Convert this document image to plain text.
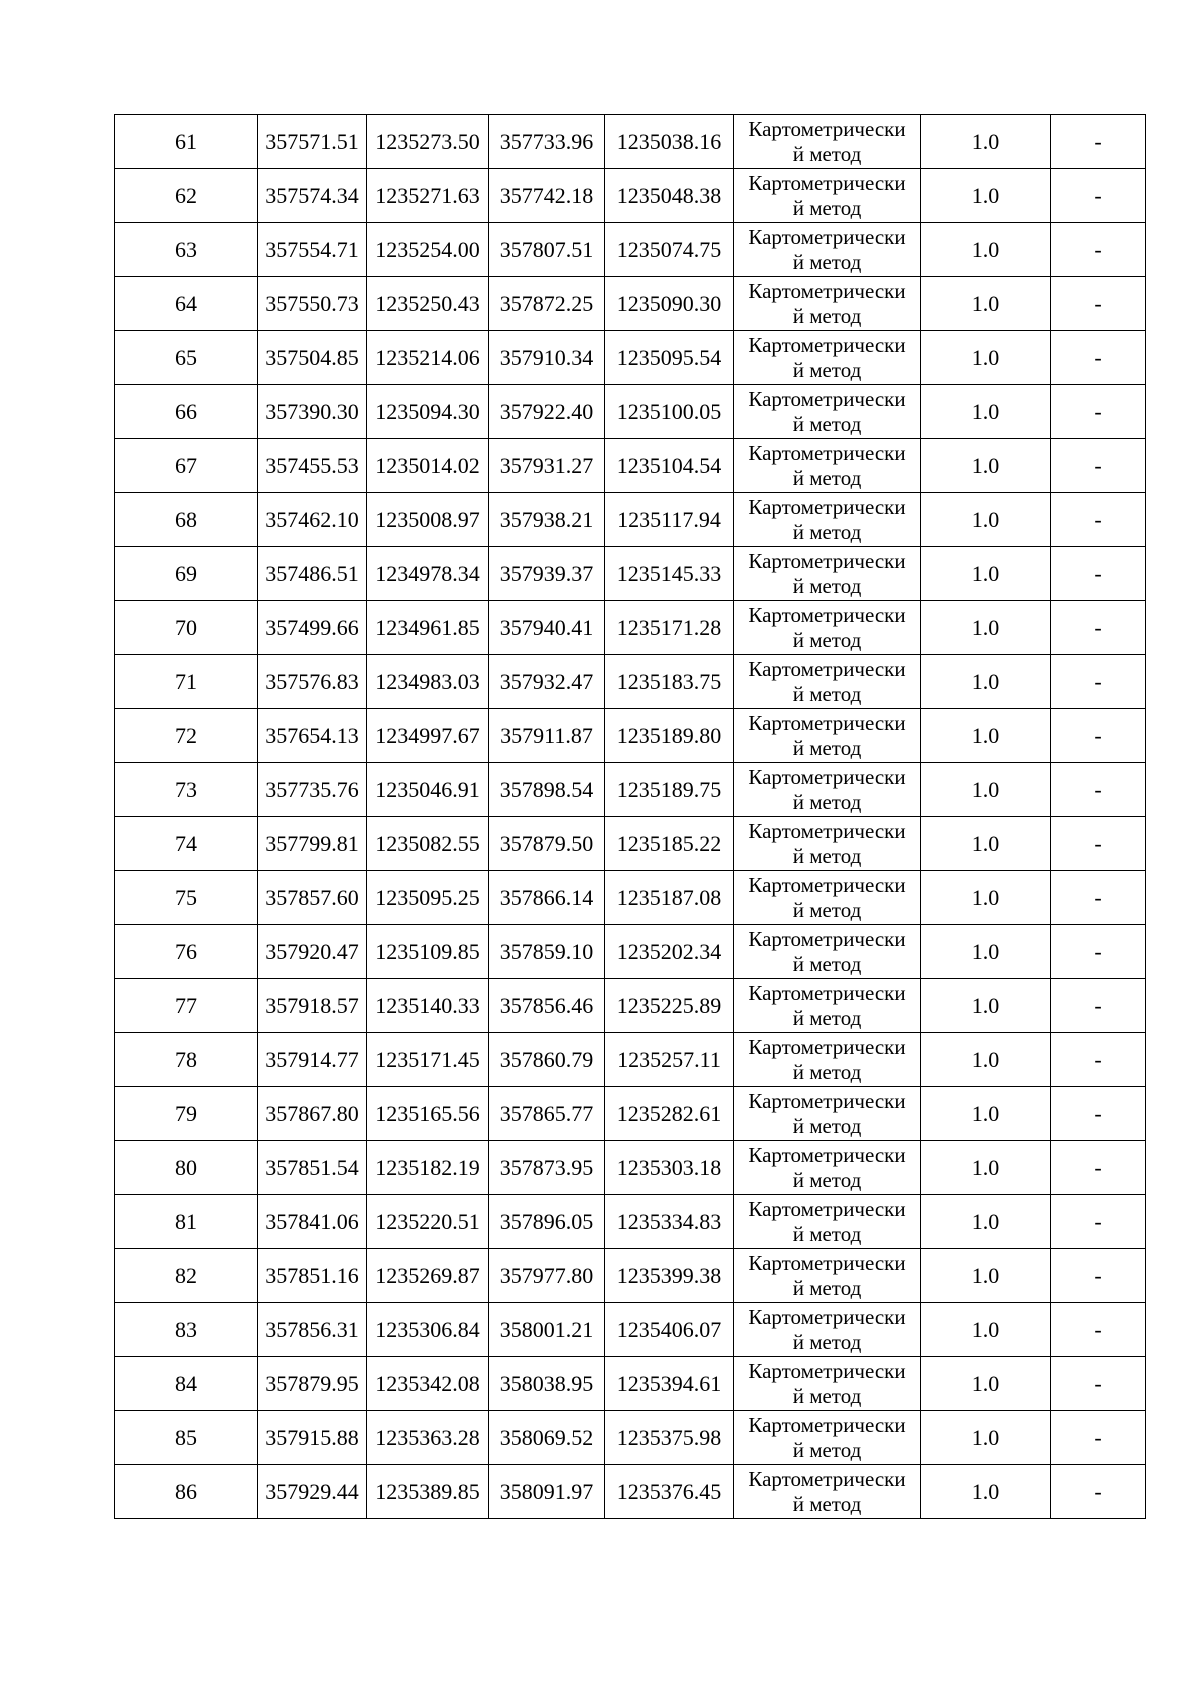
61	357571.51	1235273.50	357733.96	1235038.16	Картометрически
й метод	1.0	-
62	357574.34	1235271.63	357742.18	1235048.38	Картометрически
й метод	1.0	-
63	357554.71	1235254.00	357807.51	1235074.75	Картометрически
й метод	1.0	-
64	357550.73	1235250.43	357872.25	1235090.30	Картометрически
й метод	1.0	-
65	357504.85	1235214.06	357910.34	1235095.54	Картометрически
й метод	1.0	-
66	357390.30	1235094.30	357922.40	1235100.05	Картометрически
й метод	1.0	-
67	357455.53	1235014.02	357931.27	1235104.54	Картометрически
й метод	1.0	-
68	357462.10	1235008.97	357938.21	1235117.94	Картометрически
й метод	1.0	-
69	357486.51	1234978.34	357939.37	1235145.33	Картометрически
й метод	1.0	-
70	357499.66	1234961.85	357940.41	1235171.28	Картометрически
й метод	1.0	-
71	357576.83	1234983.03	357932.47	1235183.75	Картометрически
й метод	1.0	-
72	357654.13	1234997.67	357911.87	1235189.80	Картометрически
й метод	1.0	-
73	357735.76	1235046.91	357898.54	1235189.75	Картометрически
й метод	1.0	-
74	357799.81	1235082.55	357879.50	1235185.22	Картометрически
й метод	1.0	-
75	357857.60	1235095.25	357866.14	1235187.08	Картометрически
й метод	1.0	-
76	357920.47	1235109.85	357859.10	1235202.34	Картометрически
й метод	1.0	-
77	357918.57	1235140.33	357856.46	1235225.89	Картометрически
й метод	1.0	-
78	357914.77	1235171.45	357860.79	1235257.11	Картометрически
й метод	1.0	-
79	357867.80	1235165.56	357865.77	1235282.61	Картометрически
й метод	1.0	-
80	357851.54	1235182.19	357873.95	1235303.18	Картометрически
й метод	1.0	-
81	357841.06	1235220.51	357896.05	1235334.83	Картометрически
й метод	1.0	-
82	357851.16	1235269.87	357977.80	1235399.38	Картометрически
й метод	1.0	-
83	357856.31	1235306.84	358001.21	1235406.07	Картометрически
й метод	1.0	-
84	357879.95	1235342.08	358038.95	1235394.61	Картометрически
й метод	1.0	-
85	357915.88	1235363.28	358069.52	1235375.98	Картометрически
й метод	1.0	-
86	357929.44	1235389.85	358091.97	1235376.45	Картометрически
й метод	1.0	-
